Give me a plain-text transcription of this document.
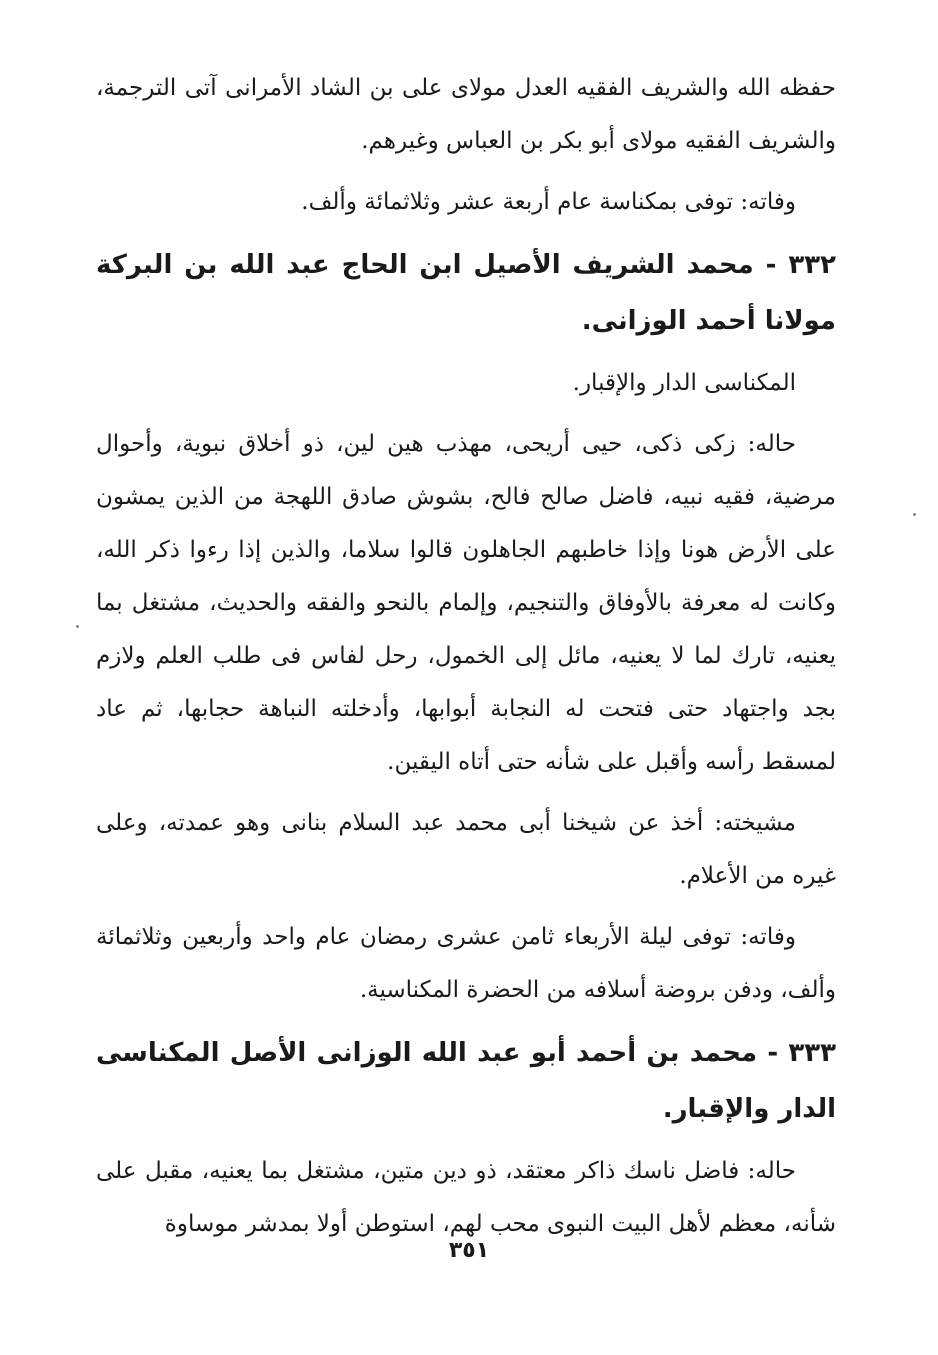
حفظه الله والشريف الفقيه العدل مولاى على بن الشاد الأمرانى آتى الترجمة، والشريف الفقيه مولاى أبو بكر بن العباس وغيرهم.

وفاته: توفى بمكناسة عام أربعة عشر وثلاثمائة وألف.

٣٣٢ - محمد الشريف الأصيل ابن الحاج عبد الله بن البركة مولانا أحمد الوزانى.

المكناسى الدار والإقبار.

حاله: زكى ذكى، حيى أريحى، مهذب هين لين، ذو أخلاق نبوية، وأحوال مرضية، فقيه نبيه، فاضل صالح فالح، بشوش صادق اللهجة من الذين يمشون على الأرض هونا وإذا خاطبهم الجاهلون قالوا سلاما، والذين إذا رءوا ذكر الله، وكانت له معرفة بالأوفاق والتنجيم، وإلمام بالنحو والفقه والحديث، مشتغل بما يعنيه، تارك لما لا يعنيه، مائل إلى الخمول، رحل لفاس فى طلب العلم ولازم بجد واجتهاد حتى فتحت له النجابة أبوابها، وأدخلته النباهة حجابها، ثم عاد لمسقط رأسه وأقبل على شأنه حتى أتاه اليقين.

مشيخته: أخذ عن شيخنا أبى محمد عبد السلام بنانى وهو عمدته، وعلى غيره من الأعلام.

وفاته: توفى ليلة الأربعاء ثامن عشرى رمضان عام واحد وأربعين وثلاثمائة وألف، ودفن بروضة أسلافه من الحضرة المكناسية.

٣٣٣ - محمد بن أحمد أبو عبد الله الوزانى الأصل المكناسى الدار والإقبار.

حاله: فاضل ناسك ذاكر معتقد، ذو دين متين، مشتغل بما يعنيه، مقبل على شأنه، معظم لأهل البيت النبوى محب لهم، استوطن أولا بمدشر موساوة

٣٥١
